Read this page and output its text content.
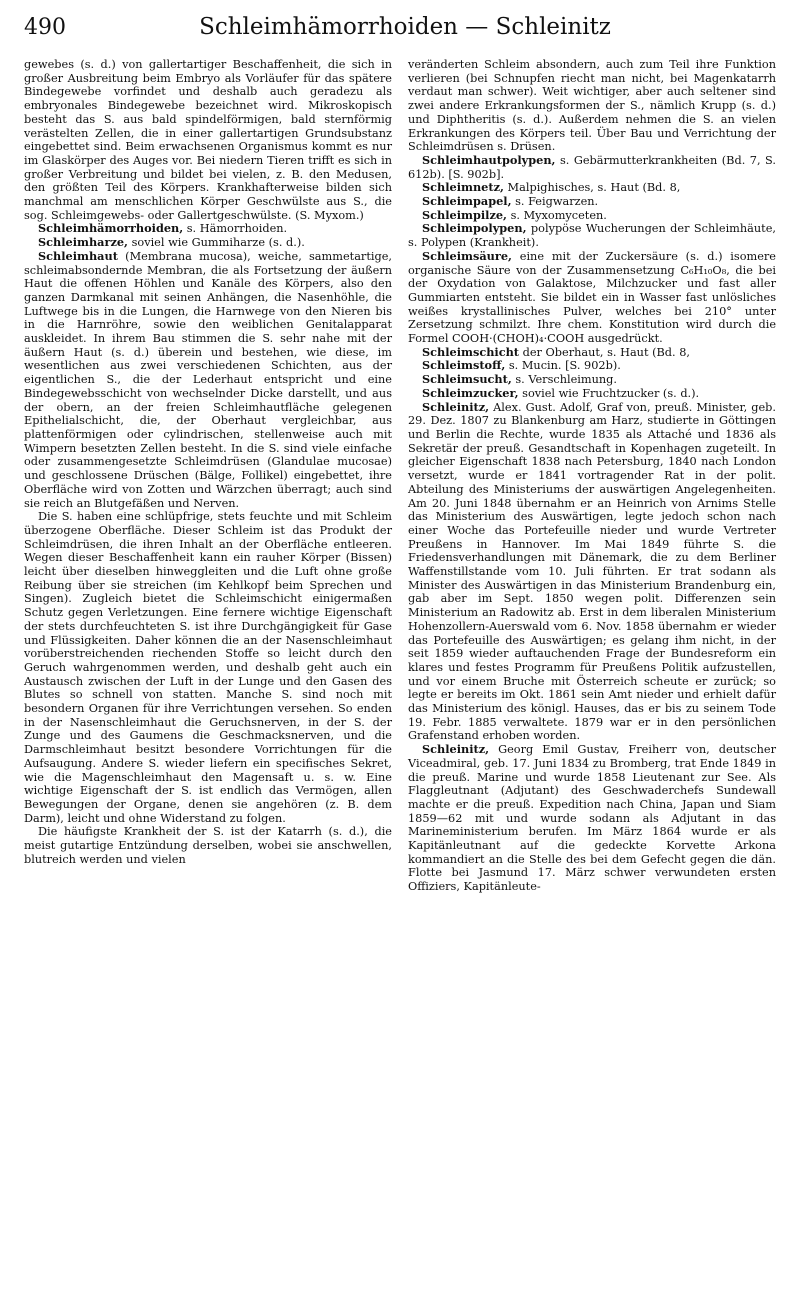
490	Schleimhämorrhoiden — Schleinitz

gewebes (s. d.) von gallertartiger Beschaffenheit, die sich in großer Ausbreitung beim Embryo als Vorläufer für das spätere Bindegewebe vorfindet und deshalb auch geradezu als embryonales Bindegewebe bezeichnet wird. Mikroskopisch besteht das S. aus bald spindelförmigen, bald sternförmig verästelten Zellen, die in einer gallertartigen Grundsubstanz eingebettet sind. Beim erwachsenen Organismus kommt es nur im Glaskörper des Auges vor. Bei niedern Tieren trifft es sich in großer Verbreitung und bildet bei vielen, z. B. den Medusen, den größten Teil des Körpers. Krankhafterweise bilden sich manchmal am menschlichen Körper Geschwülste aus S., die sog. Schleimgewebs- oder Gallertgeschwülste. (S. Myxom.)

Schleimhämorrhoiden, s. Hämorrhoiden.

Schleimharze, soviel wie Gummiharze (s. d.).

Schleimhaut (Membrana mucosa), weiche, sammetartige, schleimabsondernde Membran, die als Fortsetzung der äußern Haut die offenen Höhlen und Kanäle des Körpers, also den ganzen Darmkanal mit seinen Anhängen, die Nasenhöhle, die Luftwege bis in die Lungen, die Harnwege von den Nieren bis in die Harnröhre, sowie den weiblichen Genitalapparat auskleidet. In ihrem Bau stimmen die S. sehr nahe mit der äußern Haut (s. d.) überein und bestehen, wie diese, im wesentlichen aus zwei verschiedenen Schichten, aus der eigentlichen S., die der Lederhaut entspricht und eine Bindegewebsschicht von wechselnder Dicke darstellt, und aus der obern, an der freien Schleimhautfläche gelegenen Epithelialschicht, die, der Oberhaut vergleichbar, aus plattenförmigen oder cylindrischen, stellenweise auch mit Wimpern besetzten Zellen besteht. In die S. sind viele einfache oder zusammengesetzte Schleimdrüsen (Glandulae mucosae) und geschlossene Drüschen (Bälge, Follikel) eingebettet, ihre Oberfläche wird von Zotten und Wärzchen überragt; auch sind sie reich an Blutgefäßen und Nerven.

Die S. haben eine schlüpfrige, stets feuchte und mit Schleim überzogene Oberfläche. Dieser Schleim ist das Produkt der Schleimdrüsen, die ihren Inhalt an der Oberfläche entleeren. Wegen dieser Beschaffenheit kann ein rauher Körper (Bissen) leicht über dieselben hinweggleiten und die Luft ohne große Reibung über sie streichen (im Kehlkopf beim Sprechen und Singen). Zugleich bietet die Schleimschicht einigermaßen Schutz gegen Verletzungen. Eine fernere wichtige Eigenschaft der stets durchfeuchteten S. ist ihre Durchgängigkeit für Gase und Flüssigkeiten. Daher können die an der Nasenschleimhaut vorüberstreichenden riechenden Stoffe so leicht durch den Geruch wahrgenommen werden, und deshalb geht auch ein Austausch zwischen der Luft in der Lunge und den Gasen des Blutes so schnell von statten. Manche S. sind noch mit besondern Organen für ihre Verrichtungen versehen. So enden in der Nasenschleimhaut die Geruchsnerven, in der S. der Zunge und des Gaumens die Geschmacksnerven, und die Darmschleimhaut besitzt besondere Vorrichtungen für die Aufsaugung. Andere S. wieder liefern ein specifisches Sekret, wie die Magenschleimhaut den Magensaft u. s. w. Eine wichtige Eigenschaft der S. ist endlich das Vermögen, allen Bewegungen der Organe, denen sie angehören (z. B. dem Darm), leicht und ohne Widerstand zu folgen.

Die häufigste Krankheit der S. ist der Katarrh (s. d.), die meist gutartige Entzündung derselben, wobei sie anschwellen, blutreich werden und vielen

veränderten Schleim absondern, auch zum Teil ihre Funktion verlieren (bei Schnupfen riecht man nicht, bei Magenkatarrh verdaut man schwer). Weit wichtiger, aber auch seltener sind zwei andere Erkrankungsformen der S., nämlich Krupp (s. d.) und Diphtheritis (s. d.). Außerdem nehmen die S. an vielen Erkrankungen des Körpers teil. Über Bau und Verrichtung der Schleimdrüsen s. Drüsen.

Schleimhautpolypen, s. Gebärmutterkrankheiten (Bd. 7, S. 612b). [S. 902b].

Schleimnetz, Malpighisches, s. Haut (Bd. 8,

Schleimpapel, s. Feigwarzen.

Schleimpilze, s. Myxomyceten.

Schleimpolypen, polypöse Wucherungen der Schleimhäute, s. Polypen (Krankheit).

Schleimsäure, eine mit der Zuckersäure (s. d.) isomere organische Säure von der Zusammensetzung C₆H₁₀O₈, die bei der Oxydation von Galaktose, Milchzucker und fast aller Gummiarten entsteht. Sie bildet ein in Wasser fast unlösliches weißes krystallinisches Pulver, welches bei 210° unter Zersetzung schmilzt. Ihre chem. Konstitution wird durch die Formel COOH·(CHOH)₄·COOH ausgedrückt.

Schleimschicht der Oberhaut, s. Haut (Bd. 8,

Schleimstoff, s. Mucin. [S. 902b).

Schleimsucht, s. Verschleimung.

Schleimzucker, soviel wie Fruchtzucker (s. d.).

Schleinitz, Alex. Gust. Adolf, Graf von, preuß. Minister, geb. 29. Dez. 1807 zu Blankenburg am Harz, studierte in Göttingen und Berlin die Rechte, wurde 1835 als Attaché und 1836 als Sekretär der preuß. Gesandtschaft in Kopenhagen zugeteilt. In gleicher Eigenschaft 1838 nach Petersburg, 1840 nach London versetzt, wurde er 1841 vortragender Rat in der polit. Abteilung des Ministeriums der auswärtigen Angelegenheiten. Am 20. Juni 1848 übernahm er an Heinrich von Arnims Stelle das Ministerium des Auswärtigen, legte jedoch schon nach einer Woche das Portefeuille nieder und wurde Vertreter Preußens in Hannover. Im Mai 1849 führte S. die Friedensverhandlungen mit Dänemark, die zu dem Berliner Waffenstillstande vom 10. Juli führten. Er trat sodann als Minister des Auswärtigen in das Ministerium Brandenburg ein, gab aber im Sept. 1850 wegen polit. Differenzen sein Ministerium an Radowitz ab. Erst in dem liberalen Ministerium Hohenzollern-Auerswald vom 6. Nov. 1858 übernahm er wieder das Portefeuille des Auswärtigen; es gelang ihm nicht, in der seit 1859 wieder auftauchenden Frage der Bundesreform ein klares und festes Programm für Preußens Politik aufzustellen, und vor einem Bruche mit Österreich scheute er zurück; so legte er bereits im Okt. 1861 sein Amt nieder und erhielt dafür das Ministerium des königl. Hauses, das er bis zu seinem Tode 19. Febr. 1885 verwaltete. 1879 war er in den persönlichen Grafenstand erhoben worden.

Schleinitz, Georg Emil Gustav, Freiherr von, deutscher Viceadmiral, geb. 17. Juni 1834 zu Bromberg, trat Ende 1849 in die preuß. Marine und wurde 1858 Lieutenant zur See. Als Flaggleutnant (Adjutant) des Geschwaderchefs Sundewall machte er die preuß. Expedition nach China, Japan und Siam 1859—62 mit und wurde sodann als Adjutant in das Marineministerium berufen. Im März 1864 wurde er als Kapitänleutnant auf die gedeckte Korvette Arkona kommandiert an die Stelle des bei dem Gefecht gegen die dän. Flotte bei Jasmund 17. März schwer verwundeten ersten Offiziers, Kapitänleute-
